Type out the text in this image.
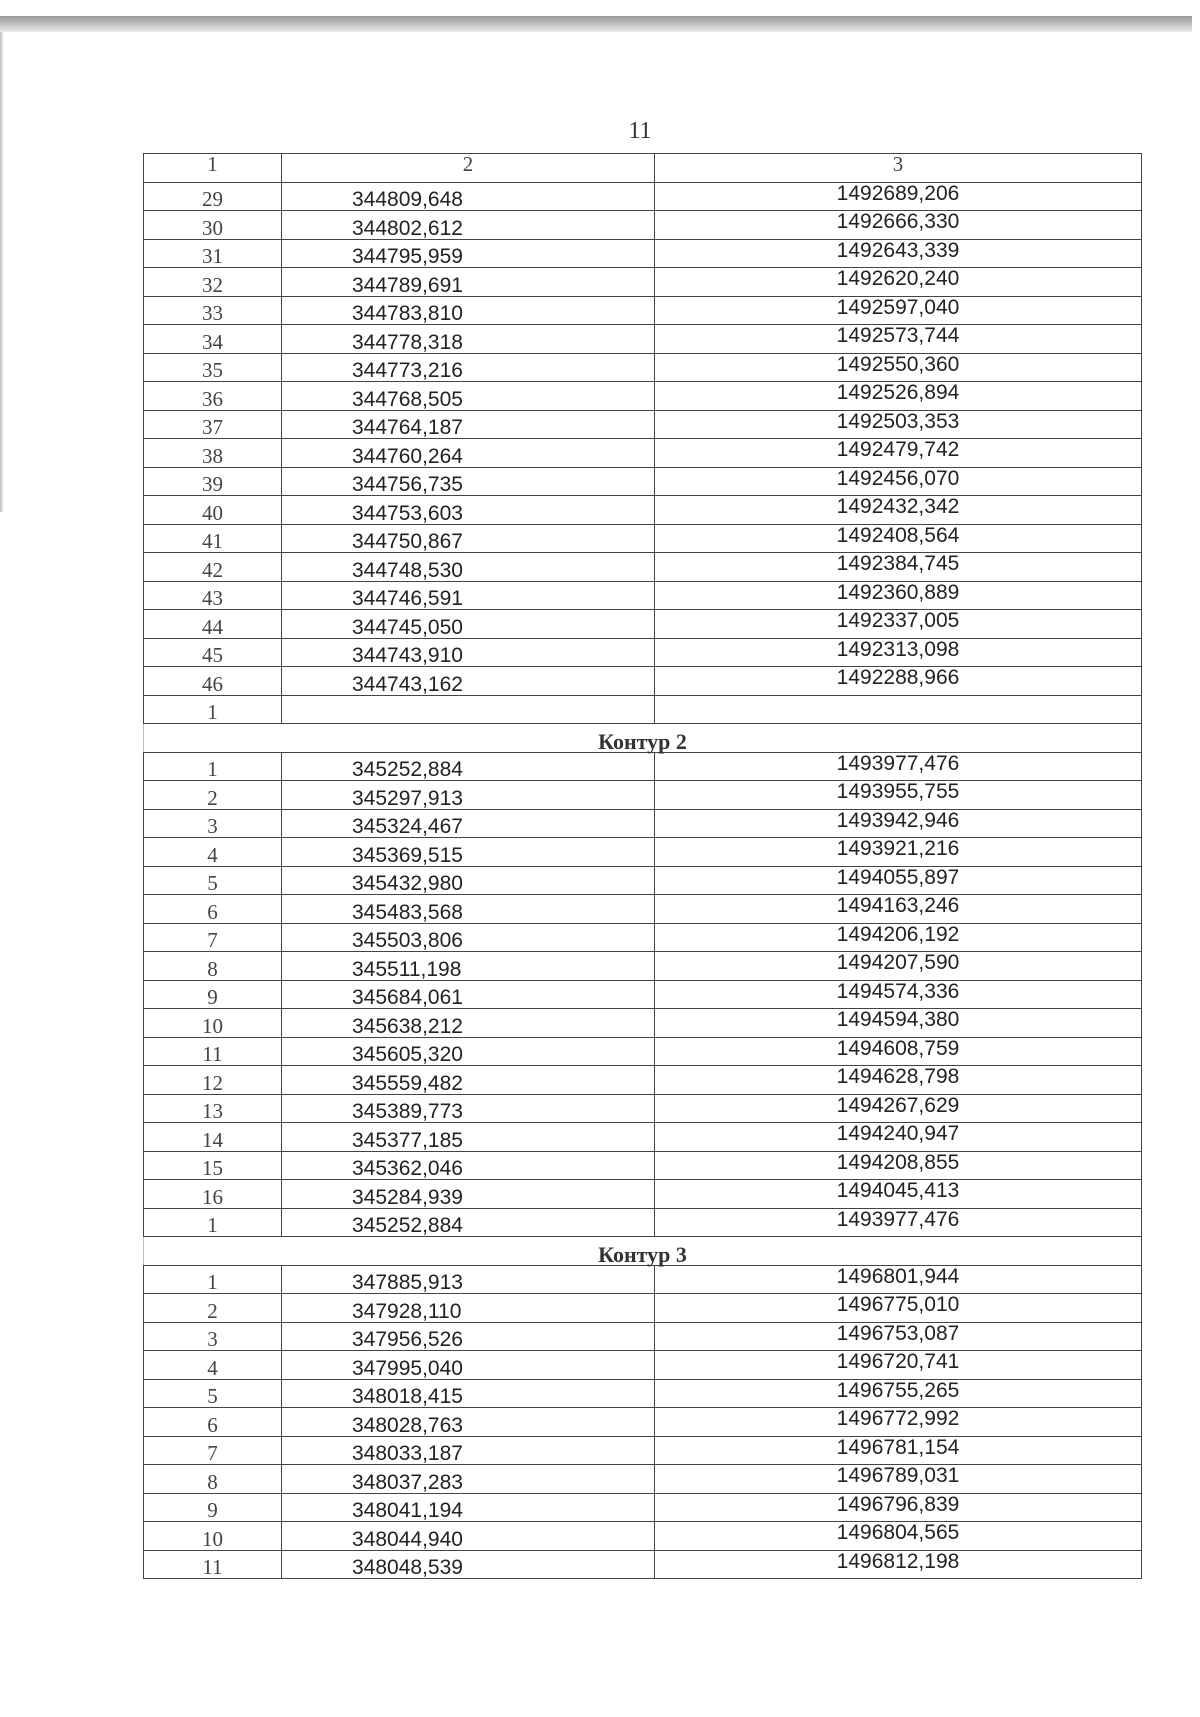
11
1	2	3
29	344809,648	1492689,206
30	344802,612	1492666,330
31	344795,959	1492643,339
32	344789,691	1492620,240
33	344783,810	1492597,040
34	344778,318	1492573,744
35	344773,216	1492550,360
36	344768,505	1492526,894
37	344764,187	1492503,353
38	344760,264	1492479,742
39	344756,735	1492456,070
40	344753,603	1492432,342
41	344750,867	1492408,564
42	344748,530	1492384,745
43	344746,591	1492360,889
44	344745,050	1492337,005
45	344743,910	1492313,098
46	344743,162	1492288,966
1		
Контур 2		
1	345252,884	1493977,476
2	345297,913	1493955,755
3	345324,467	1493942,946
4	345369,515	1493921,216
5	345432,980	1494055,897
6	345483,568	1494163,246
7	345503,806	1494206,192
8	345511,198	1494207,590
9	345684,061	1494574,336
10	345638,212	1494594,380
11	345605,320	1494608,759
12	345559,482	1494628,798
13	345389,773	1494267,629
14	345377,185	1494240,947
15	345362,046	1494208,855
16	345284,939	1494045,413
1	345252,884	1493977,476
Контур 3		
1	347885,913	1496801,944
2	347928,110	1496775,010
3	347956,526	1496753,087
4	347995,040	1496720,741
5	348018,415	1496755,265
6	348028,763	1496772,992
7	348033,187	1496781,154
8	348037,283	1496789,031
9	348041,194	1496796,839
10	348044,940	1496804,565
11	348048,539	1496812,198
